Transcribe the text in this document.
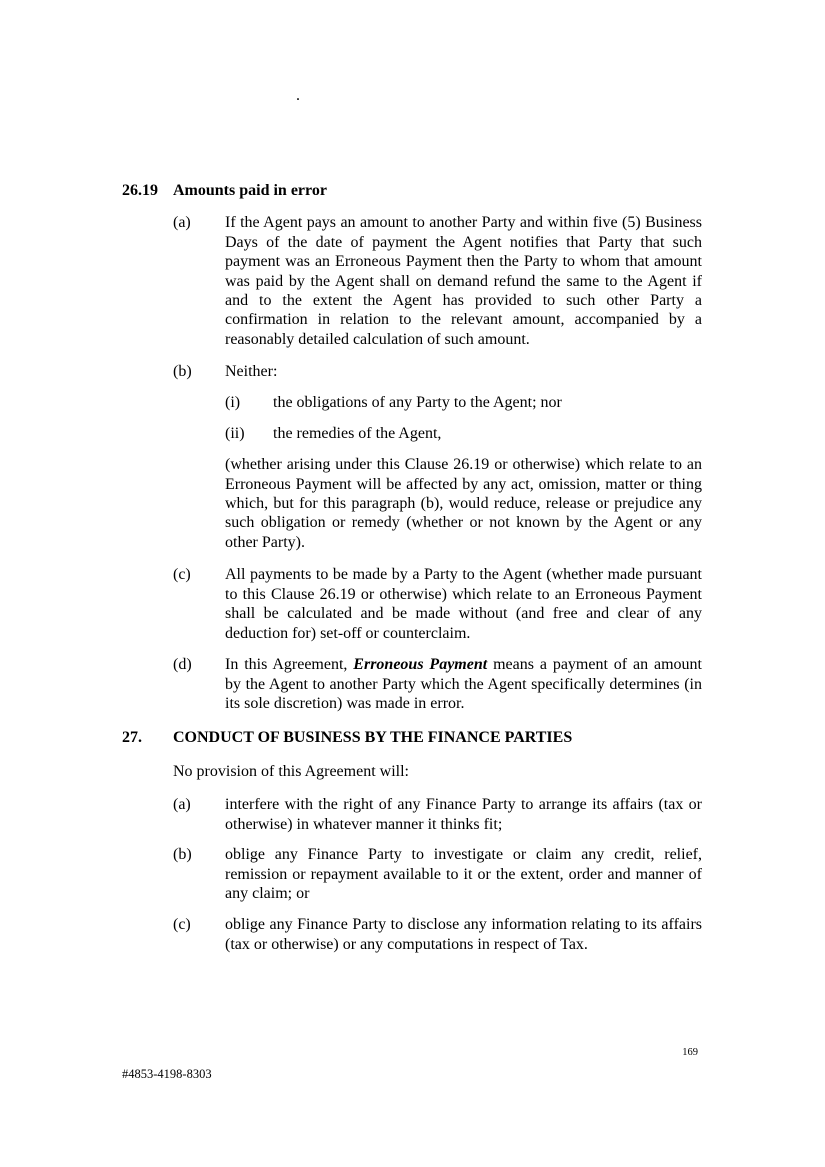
.
26.19 Amounts paid in error
(a)	If the Agent pays an amount to another Party and within five (5) Business Days of the date of payment the Agent notifies that Party that such payment was an Erroneous Payment then the Party to whom that amount was paid by the Agent shall on demand refund the same to the Agent if and to the extent the Agent has provided to such other Party a confirmation in relation to the relevant amount, accompanied by a reasonably detailed calculation of such amount.

(b)	Neither:

(i)	the obligations of any Party to the Agent; nor

(ii)	the remedies of the Agent,

(whether arising under this Clause 26.19 or otherwise) which relate to an Erroneous Payment will be affected by any act, omission, matter or thing which, but for this paragraph (b), would reduce, release or prejudice any such obligation or remedy (whether or not known by the Agent or any other Party).

(c)	All payments to be made by a Party to the Agent (whether made pursuant to this Clause 26.19 or otherwise) which relate to an Erroneous Payment shall be calculated and be made without (and free and clear of any deduction for) set-off or counterclaim.

(d)	In this Agreement, Erroneous Payment means a payment of an amount by the Agent to another Party which the Agent specifically determines (in its sole discretion) was made in error.

27.	CONDUCT OF BUSINESS BY THE FINANCE PARTIES

No provision of this Agreement will:

(a)	interfere with the right of any Finance Party to arrange its affairs (tax or otherwise) in whatever manner it thinks fit;

(b)	oblige any Finance Party to investigate or claim any credit, relief, remission or repayment available to it or the extent, order and manner of any claim; or

(c)	oblige any Finance Party to disclose any information relating to its affairs (tax or otherwise) or any computations in respect of Tax.

169
#4853-4198-8303
